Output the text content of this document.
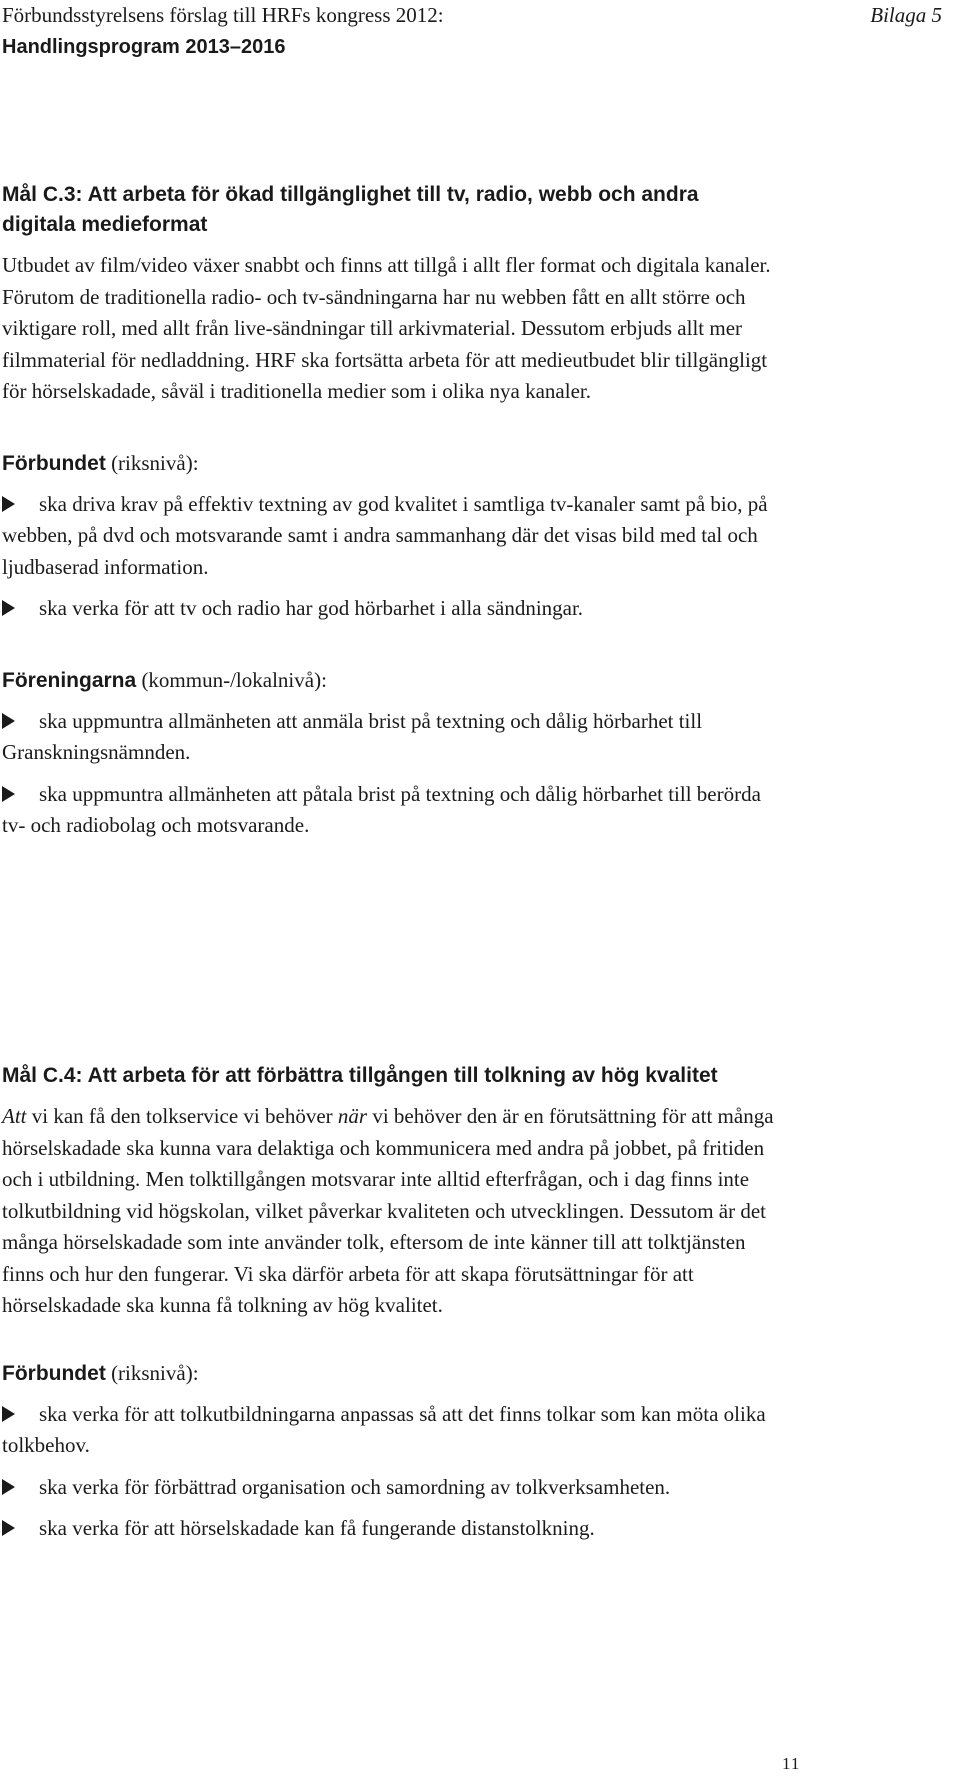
Förbundsstyrelsens förslag till HRFs kongress 2012:	Bilaga 5
Handlingsprogram 2013–2016
Mål C.3: Att arbeta för ökad tillgänglighet till tv, radio, webb och andra digitala medieformat

Utbudet av film/video växer snabbt och finns att tillgå i allt fler format och digitala kanaler. Förutom de traditionella radio- och tv-sändningarna har nu webben fått en allt större och viktigare roll, med allt från live-sändningar till arkivmaterial. Dessutom erbjuds allt mer filmmaterial för nedladdning. HRF ska fortsätta arbeta för att medieutbudet blir tillgängligt för hörselskadade, såväl i traditionella medier som i olika nya kanaler.

Förbundet (riksnivå):

ska driva krav på effektiv textning av god kvalitet i samtliga tv-kanaler samt på bio, på webben, på dvd och motsvarande samt i andra sammanhang där det visas bild med tal och ljudbaserad information.
ska verka för att tv och radio har god hörbarhet i alla sändningar.

Föreningarna (kommun-/lokalnivå):

ska uppmuntra allmänheten att anmäla brist på textning och dålig hörbarhet till Granskningsnämnden.
ska uppmuntra allmänheten att påtala brist på textning och dålig hörbarhet till berörda tv- och radiobolag och motsvarande.
Mål C.4: Att arbeta för att förbättra tillgången till tolkning av hög kvalitet

Att vi kan få den tolkservice vi behöver när vi behöver den är en förutsättning för att många hörselskadade ska kunna vara delaktiga och kommunicera med andra på jobbet, på fritiden och i utbildning. Men tolktillgången motsvarar inte alltid efterfrågan, och i dag finns inte tolkutbildning vid högskolan, vilket påverkar kvaliteten och utvecklingen. Dessutom är det många hörselskadade som inte använder tolk, eftersom de inte känner till att tolktjänsten finns och hur den fungerar. Vi ska därför arbeta för att skapa förutsättningar för att hörselskadade ska kunna få tolkning av hög kvalitet.

Förbundet (riksnivå):

ska verka för att tolkutbildningarna anpassas så att det finns tolkar som kan möta olika tolkbehov.
ska verka för förbättrad organisation och samordning av tolkverksamheten.
ska verka för att hörselskadade kan få fungerande distanstolkning.
11
